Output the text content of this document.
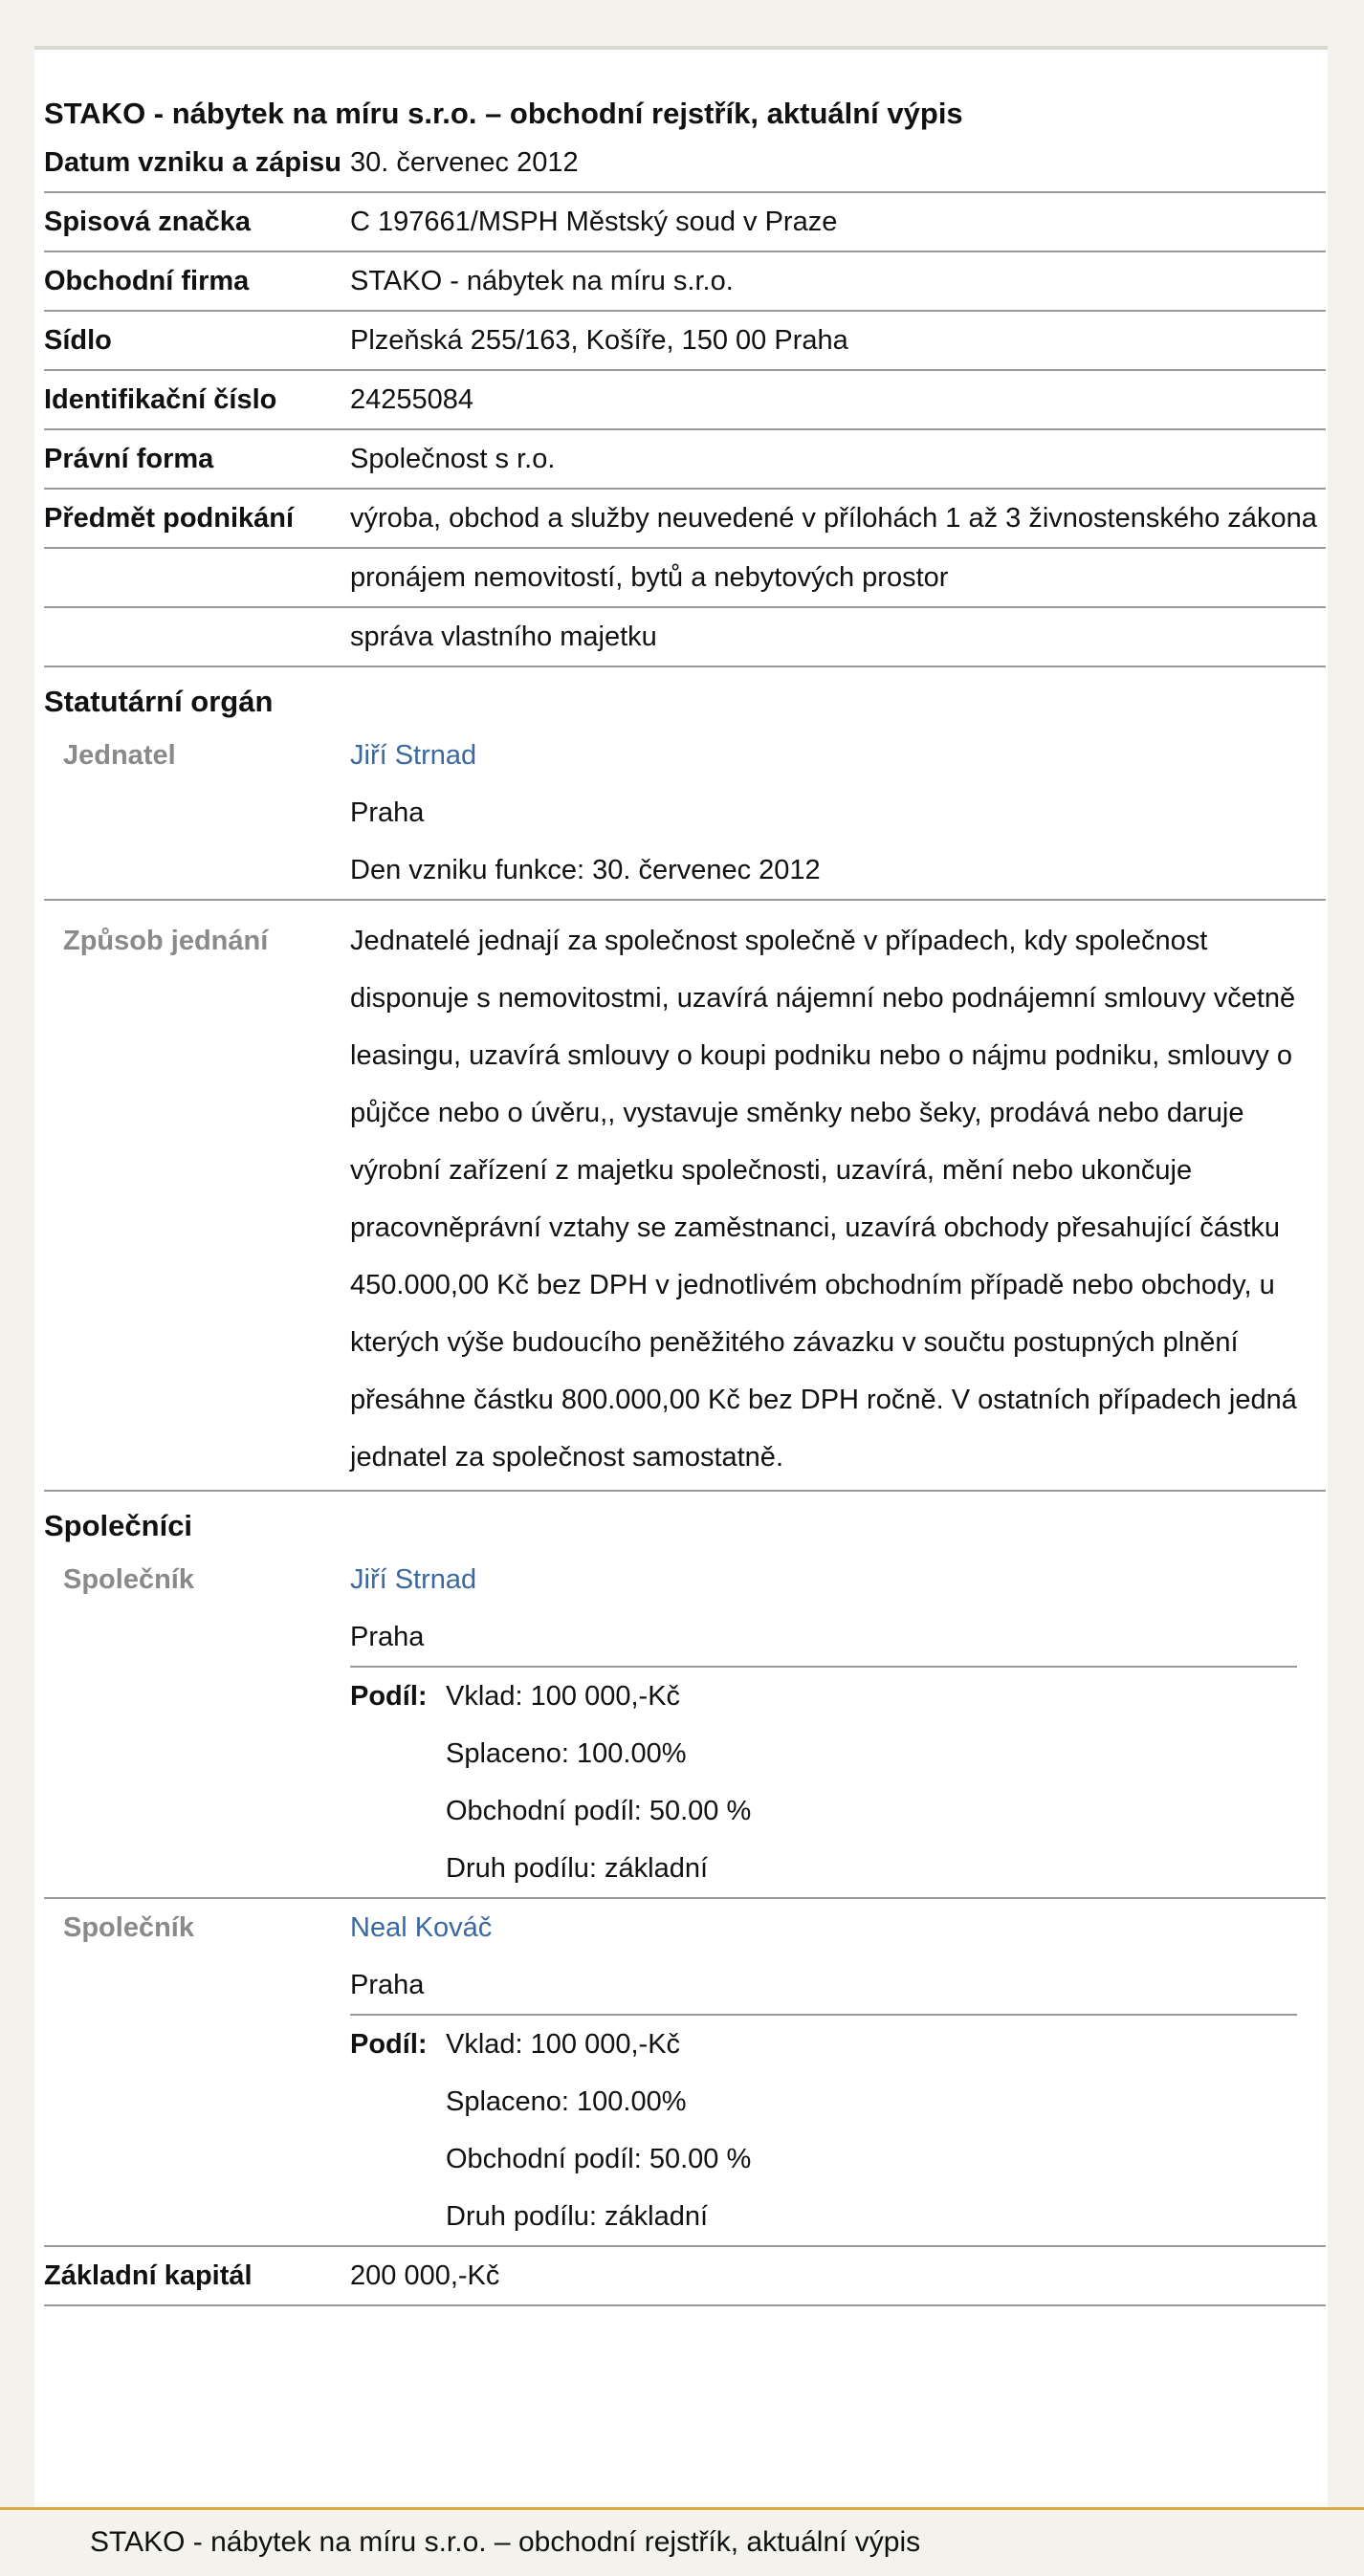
STAKO - nábytek na míru s.r.o. – obchodní rejstřík, aktuální výpis
Datum vzniku a zápisu 30. červenec 2012
Spisová značka	C 197661/MSPH Městský soud v Praze
Obchodní firma	STAKO - nábytek na míru s.r.o.
Sídlo	Plzeňská 255/163, Košíře, 150 00 Praha
Identifikační číslo	24255084
Právní forma	Společnost s r.o.
Předmět podnikání	výroba, obchod a služby neuvedené v přílohách 1 až 3 živnostenského zákona
pronájem nemovitostí, bytů a nebytových prostor
správa vlastního majetku
Statutární orgán
Jednatel	Jiří Strnad
Praha
Den vzniku funkce: 30. červenec 2012
Způsob jednání	Jednatelé jednají za společnost společně v případech, kdy společnost disponuje s nemovitostmi, uzavírá nájemní nebo podnájemní smlouvy včetně leasingu, uzavírá smlouvy o koupi podniku nebo o nájmu podniku, smlouvy o půjčce nebo o úvěru,, vystavuje směnky nebo šeky, prodává nebo daruje výrobní zařízení z majetku společnosti, uzavírá, mění nebo ukončuje pracovněprávní vztahy se zaměstnanci, uzavírá obchody přesahující částku 450.000,00 Kč bez DPH v jednotlivém obchodním případě nebo obchody, u kterých výše budoucího peněžitého závazku v součtu postupných plnění přesáhne částku 800.000,00 Kč bez DPH ročně. V ostatních případech jedná jednatel za společnost samostatně.
Společníci
Společník	Jiří Strnad
Praha
Podíl: Vklad: 100 000,-Kč
Splaceno: 100.00%
Obchodní podíl: 50.00 %
Druh podílu: základní
Společník	Neal Kováč
Praha
Podíl: Vklad: 100 000,-Kč
Splaceno: 100.00%
Obchodní podíl: 50.00 %
Druh podílu: základní
Základní kapitál	200 000,-Kč
STAKO - nábytek na míru s.r.o. – obchodní rejstřík, aktuální výpis
